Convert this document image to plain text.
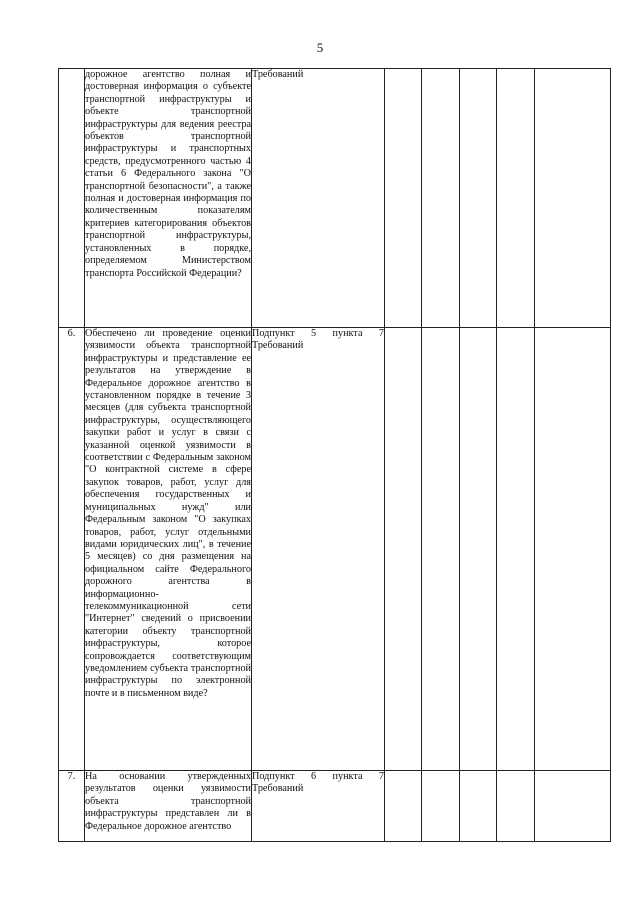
5
	дорожное агентство полная и достоверная информация о субъекте транспортной инфраструктуры и объекте транспортной инфраструктуры для ведения реестра объектов транспортной инфраструктуры и транспортных средств, предусмотренного частью 4 статьи 6 Федерального закона "О транспортной безопасности", а также полная и достоверная информация по количественным показателям критериев категорирования объектов транспортной инфраструктуры, установленных в порядке, определяемом Министерством транспорта Российской Федерации?	Требований					
6.	Обеспечено ли проведение оценки уязвимости объекта транспортной инфраструктуры и представление ее результатов на утверждение в Федеральное дорожное агентство в установленном порядке в течение 3 месяцев (для субъекта транспортной инфраструктуры, осуществляющего закупки работ и услуг в связи с указанной оценкой уязвимости в соответствии с Федеральным законом "О контрактной системе в сфере закупок товаров, работ, услуг для обеспечения государственных и муниципальных нужд" или Федеральным законом "О закупках товаров, работ, услуг отдельными видами юридических лиц", в течение 5 месяцев) со дня размещения на официальном сайте Федерального дорожного агентства в информационно-телекоммуникационной сети "Интернет" сведений о присвоении категории объекту транспортной инфраструктуры, которое сопровождается соответствующим уведомлением субъекта транспортной инфраструктуры по электронной почте и в письменном виде?	Подпункт 5 пункта 7
Требований					
7.	На основании утвержденных результатов оценки уязвимости объекта транспортной инфраструктуры представлен ли в Федеральное дорожное агентство	Подпункт 6 пункта 7
Требований					
